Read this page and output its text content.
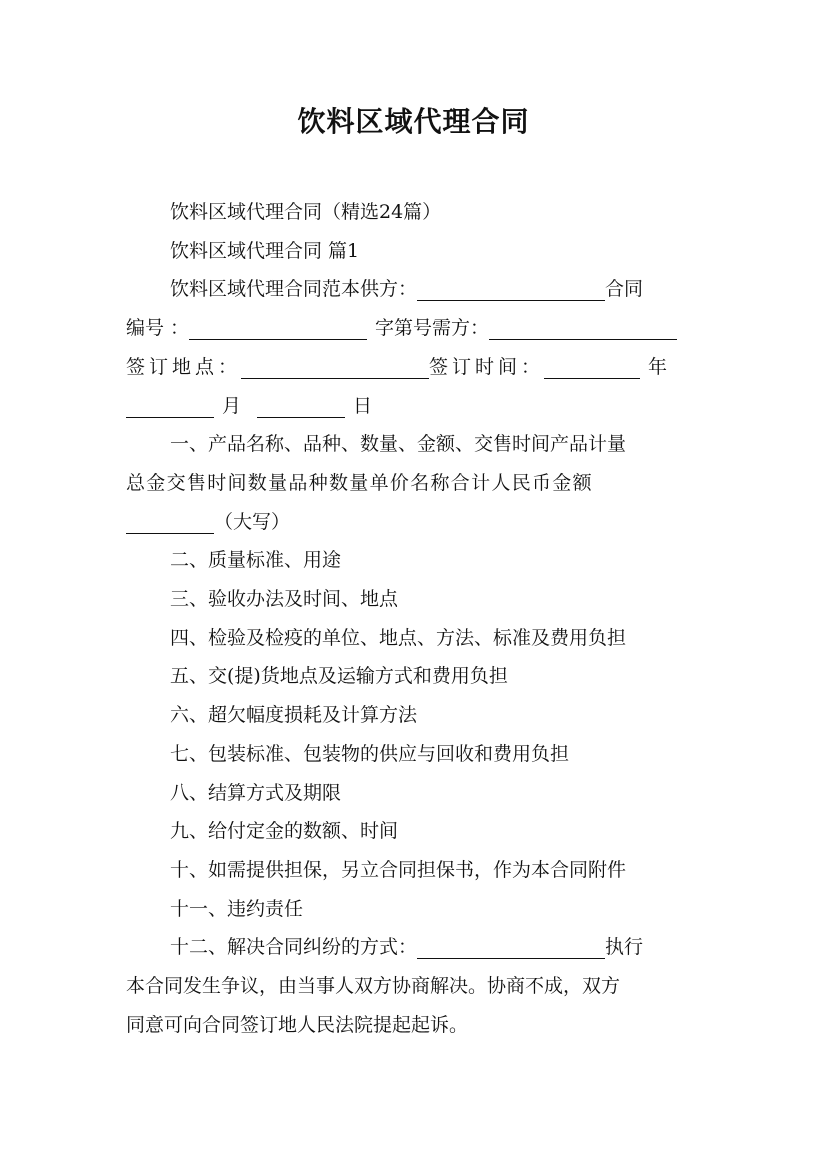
饮料区域代理合同

饮料区域代理合同（精选24篇）

饮料区域代理合同 篇1

饮料区域代理合同范本供方：	合同

编号 ：	字第号需方：

签订地点：	签订时间：	年

月	日

一、产品名称、品种、数量、金额、交售时间产品计量

总金交售时间数量品种数量单价名称合计人民币金额

（大写）

二、质量标准、用途

三、验收办法及时间、地点

四、检验及检疫的单位、地点、方法、标准及费用负担

五、交(提)货地点及运输方式和费用负担

六、超欠幅度损耗及计算方法

七、包装标准、包装物的供应与回收和费用负担

八、结算方式及期限

九、给付定金的数额、时间

十、如需提供担保，另立合同担保书，作为本合同附件

十一、违约责任

十二、解决合同纠纷的方式：	执行

本合同发生争议，由当事人双方协商解决。协商不成，双方

同意可向合同签订地人民法院提起起诉。
